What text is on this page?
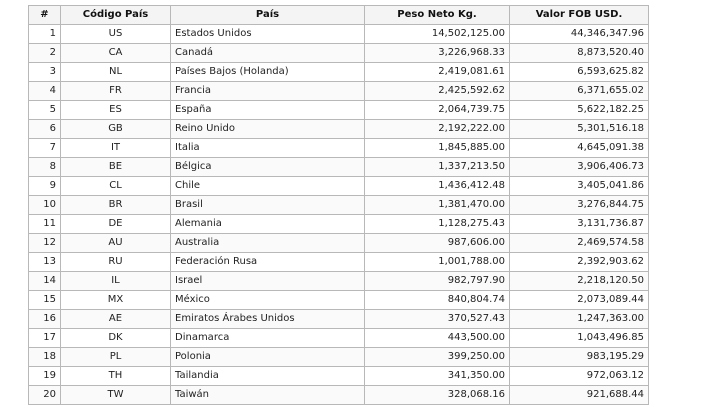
#	Código País	País	Peso Neto Kg.	Valor FOB USD.
1	US	Estados Unidos	14,502,125.00	44,346,347.96
2	CA	Canadá	3,226,968.33	8,873,520.40
3	NL	Países Bajos (Holanda)	2,419,081.61	6,593,625.82
4	FR	Francia	2,425,592.62	6,371,655.02
5	ES	España	2,064,739.75	5,622,182.25
6	GB	Reino Unido	2,192,222.00	5,301,516.18
7	IT	Italia	1,845,885.00	4,645,091.38
8	BE	Bélgica	1,337,213.50	3,906,406.73
9	CL	Chile	1,436,412.48	3,405,041.86
10	BR	Brasil	1,381,470.00	3,276,844.75
11	DE	Alemania	1,128,275.43	3,131,736.87
12	AU	Australia	987,606.00	2,469,574.58
13	RU	Federación Rusa	1,001,788.00	2,392,903.62
14	IL	Israel	982,797.90	2,218,120.50
15	MX	México	840,804.74	2,073,089.44
16	AE	Emiratos Árabes Unidos	370,527.43	1,247,363.00
17	DK	Dinamarca	443,500.00	1,043,496.85
18	PL	Polonia	399,250.00	983,195.29
19	TH	Tailandia	341,350.00	972,063.12
20	TW	Taiwán	328,068.16	921,688.44
